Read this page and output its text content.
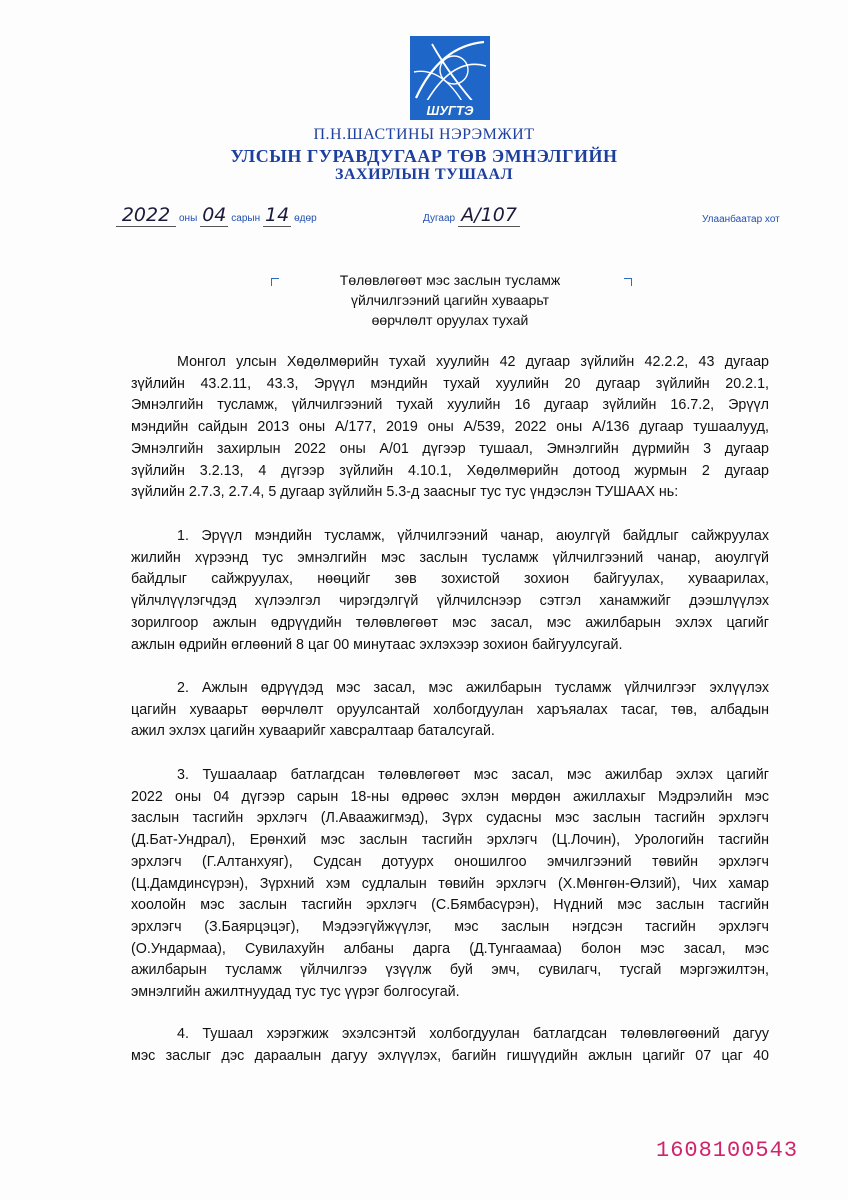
ШУГТЭ
П.Н.ШАСТИНЫ НЭРЭМЖИТ
УЛСЫН ГУРАВДУГААР ТӨВ ЭМНЭЛГИЙН
ЗАХИРЛЫН ТУШААЛ
2022 оны 04 сарын 14 өдөр	Дугаар А/107	Улаанбаатар хот
Төлөвлөгөөт мэс заслын тусламж
үйлчилгээний цагийн хуваарьт
өөрчлөлт оруулах тухай
Монгол улсын Хөдөлмөрийн тухай хуулийн 42 дугаар зүйлийн 42.2.2, 43 дугаар
зүйлийн 43.2.11, 43.3, Эрүүл мэндийн тухай хуулийн 20 дугаар зүйлийн 20.2.1,
Эмнэлгийн тусламж, үйлчилгээний тухай хуулийн 16 дугаар зүйлийн 16.7.2, Эрүүл
мэндийн сайдын 2013 оны А/177, 2019 оны А/539, 2022 оны А/136 дугаар тушаалууд,
Эмнэлгийн захирлын 2022 оны А/01 дүгээр тушаал, Эмнэлгийн дүрмийн 3 дугаар
зүйлийн 3.2.13, 4 дүгээр зүйлийн 4.10.1, Хөдөлмөрийн дотоод журмын 2 дугаар
зүйлийн 2.7.3, 2.7.4, 5 дугаар зүйлийн 5.3-д заасныг тус тус үндэслэн ТУШААХ нь:
1. Эрүүл мэндийн тусламж, үйлчилгээний чанар, аюулгүй байдлыг сайжруулах
жилийн хүрээнд тус эмнэлгийн мэс заслын тусламж үйлчилгээний чанар, аюулгүй
байдлыг сайжруулах, нөөцийг зөв зохистой зохион байгуулах, хуваарилах,
үйлчлүүлэгчдэд хүлээлгэл чирэгдэлгүй үйлчилснээр сэтгэл ханамжийг дээшлүүлэх
зорилгоор ажлын өдрүүдийн төлөвлөгөөт мэс засал, мэс ажилбарын эхлэх цагийг
ажлын өдрийн өглөөний 8 цаг 00 минутаас эхлэхээр зохион байгуулсугай.
2. Ажлын өдрүүдэд мэс засал, мэс ажилбарын тусламж үйлчилгээг эхлүүлэх
цагийн хуваарьт өөрчлөлт оруулсантай холбогдуулан харъяалах тасаг, төв, албадын
ажил эхлэх цагийн хуваарийг хавсралтаар баталсугай.
3. Тушаалаар батлагдсан төлөвлөгөөт мэс засал, мэс ажилбар эхлэх цагийг
2022 оны 04 дүгээр сарын 18-ны өдрөөс эхлэн мөрдөн ажиллахыг Мэдрэлийн мэс
заслын тасгийн эрхлэгч (Л.Аваажигмэд), Зүрх судасны мэс заслын тасгийн эрхлэгч
(Д.Бат-Ундрал), Ерөнхий мэс заслын тасгийн эрхлэгч (Ц.Лочин), Урологийн тасгийн
эрхлэгч (Г.Алтанхуяг), Судсан дотуурх оношилгоо эмчилгээний төвийн эрхлэгч
(Ц.Дамдинсүрэн), Зүрхний хэм судлалын төвийн эрхлэгч (Х.Мөнгөн-Өлзий), Чих хамар
хоолойн мэс заслын тасгийн эрхлэгч (С.Бямбасүрэн), Нүдний мэс заслын тасгийн
эрхлэгч (З.Баярцэцэг), Мэдээгүйжүүлэг, мэс заслын нэгдсэн тасгийн эрхлэгч
(О.Ундармаа), Сувилахуйн албаны дарга (Д.Тунгаамаа) болон мэс засал, мэс
ажилбарын тусламж үйлчилгээ үзүүлж буй эмч, сувилагч, тусгай мэргэжилтэн,
эмнэлгийн ажилтнуудад тус тус үүрэг болгосугай.
4. Тушаал хэрэгжиж эхэлсэнтэй холбогдуулан батлагдсан төлөвлөгөөний дагуу
мэс заслыг дэс дараалын дагуу эхлүүлэх, багийн гишүүдийн ажлын цагийг 07 цаг 40
1608100543
